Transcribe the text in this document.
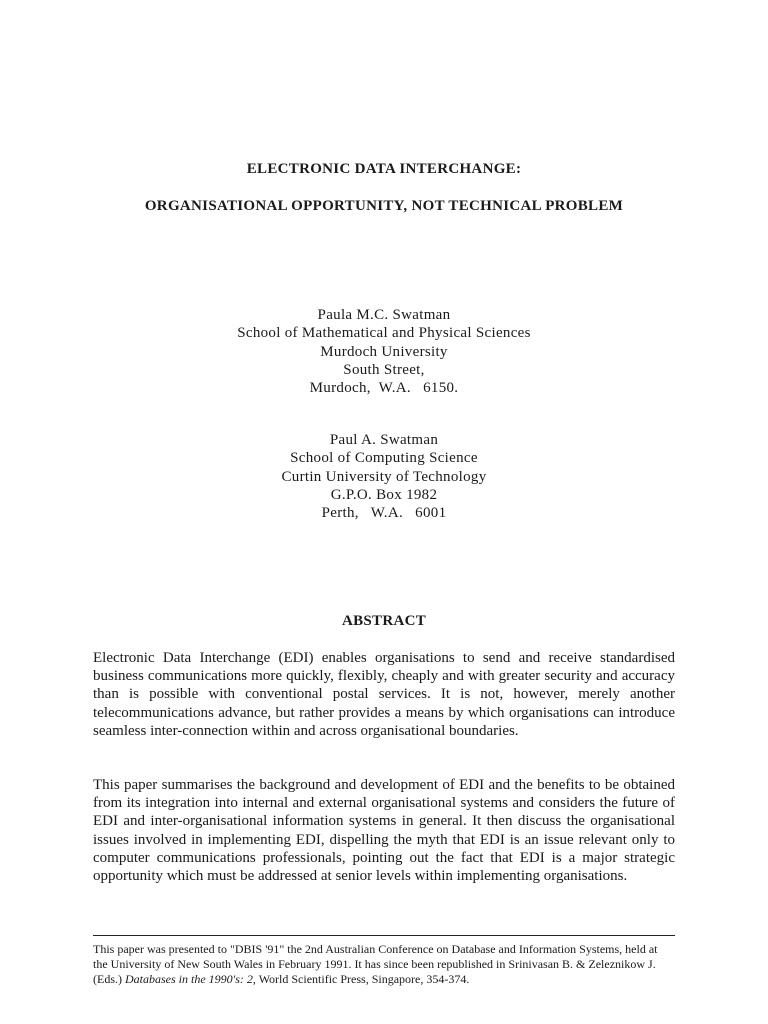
ELECTRONIC DATA INTERCHANGE:
ORGANISATIONAL OPPORTUNITY, NOT TECHNICAL PROBLEM
Paula M.C. Swatman
School of Mathematical and Physical Sciences
Murdoch University
South Street,
Murdoch,  W.A.   6150.
Paul A. Swatman
School of Computing Science
Curtin University of Technology
G.P.O. Box 1982
Perth,   W.A.   6001
ABSTRACT

Electronic Data Interchange (EDI) enables organisations to send and receive standardised business communications more quickly, flexibly, cheaply and with greater security and accuracy than is possible with conventional postal services. It is not, however, merely another telecommunications advance, but rather provides a means by which organisations can introduce seamless inter-connection within and across organisational boundaries.

This paper summarises the background and development of EDI and the benefits to be obtained from its integration into internal and external organisational systems and considers the future of EDI and inter-organisational information systems in general. It then discuss the organisational issues involved in implementing EDI, dispelling the myth that EDI is an issue relevant only to computer communications professionals, pointing out the fact that EDI is a major strategic opportunity which must be addressed at senior levels within implementing organisations.

This paper was presented to "DBIS '91" the 2nd Australian Conference on Database and Information Systems, held at the University of New South Wales in February 1991. It has since been republished in Srinivasan B. & Zeleznikow J. (Eds.) Databases in the 1990's: 2, World Scientific Press, Singapore, 354-374.
